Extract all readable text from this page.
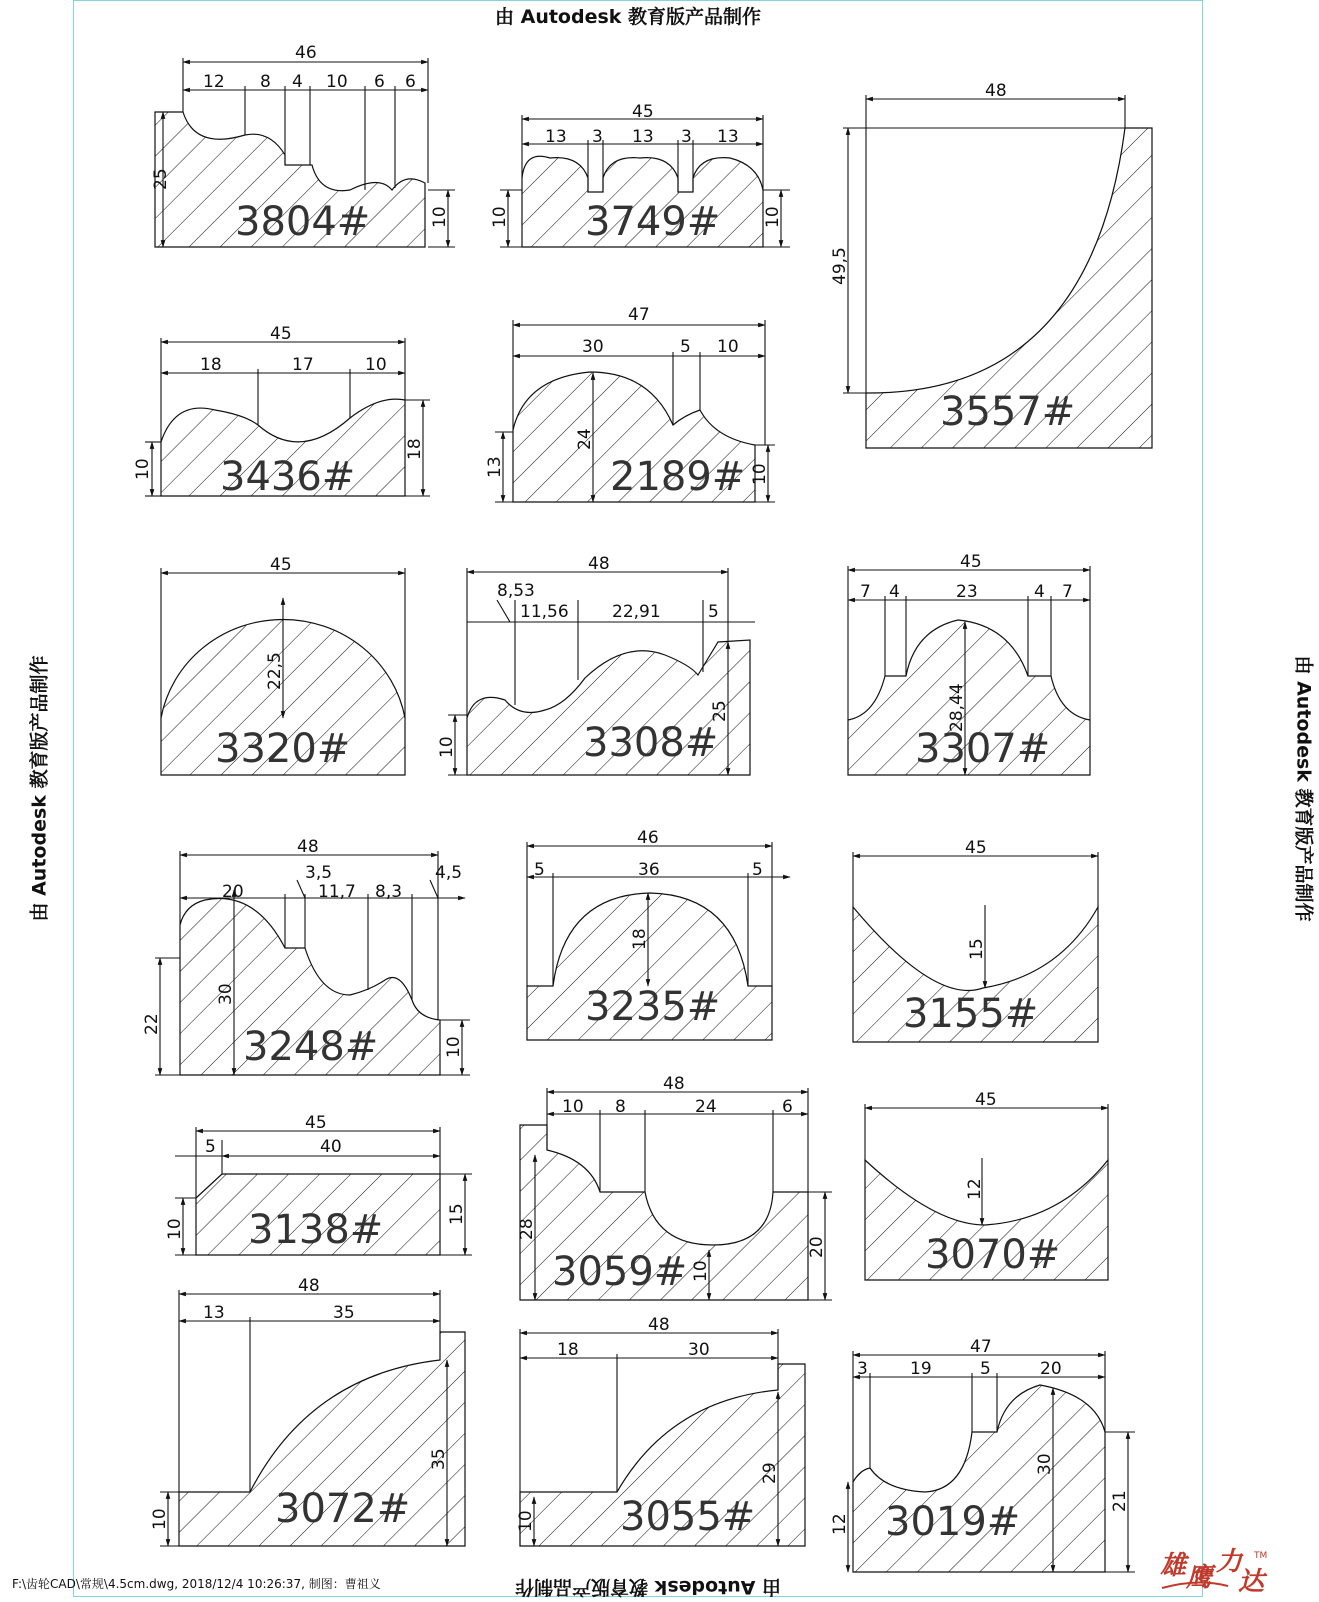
46
12 8 4 10 6 6
25
10
3804#
45
13 3 13 3 13
10	10
3749#
48
49,5
3557#
45
18	17	10
10
18
3436#
47
30	5 10
24
13	10
2189#
45
22,5
3320#
48
8,53
11,56	22,91	5
10
25
3308#
45
7 4	23	4 7
28,44
3307#
48
3,5	4,5
20	11,7 8,3
22
30
10
3248#
46
5	36	5
18
3235#
45
15
3155#
45
5	40
10
15
3138#
48
10 8	24	6
28
20
10
3059#
45
12
3070#
48
13	35
35
10	3072#
48
18	30
29
10 3055#
47
3 19	5	20
30
21
12 3019#
由 Autodesk 教育版产品制作
由 Autodesk 教育版产品制作
由 Autodesk 教育版产品制作	由 Autodesk 教育版产品制作
F:\齿轮CAD\常规\4.5cm.dwg, 2018/12/4 10:26:37, 制图：曹祖义
雄 鹰
力
达
TM
